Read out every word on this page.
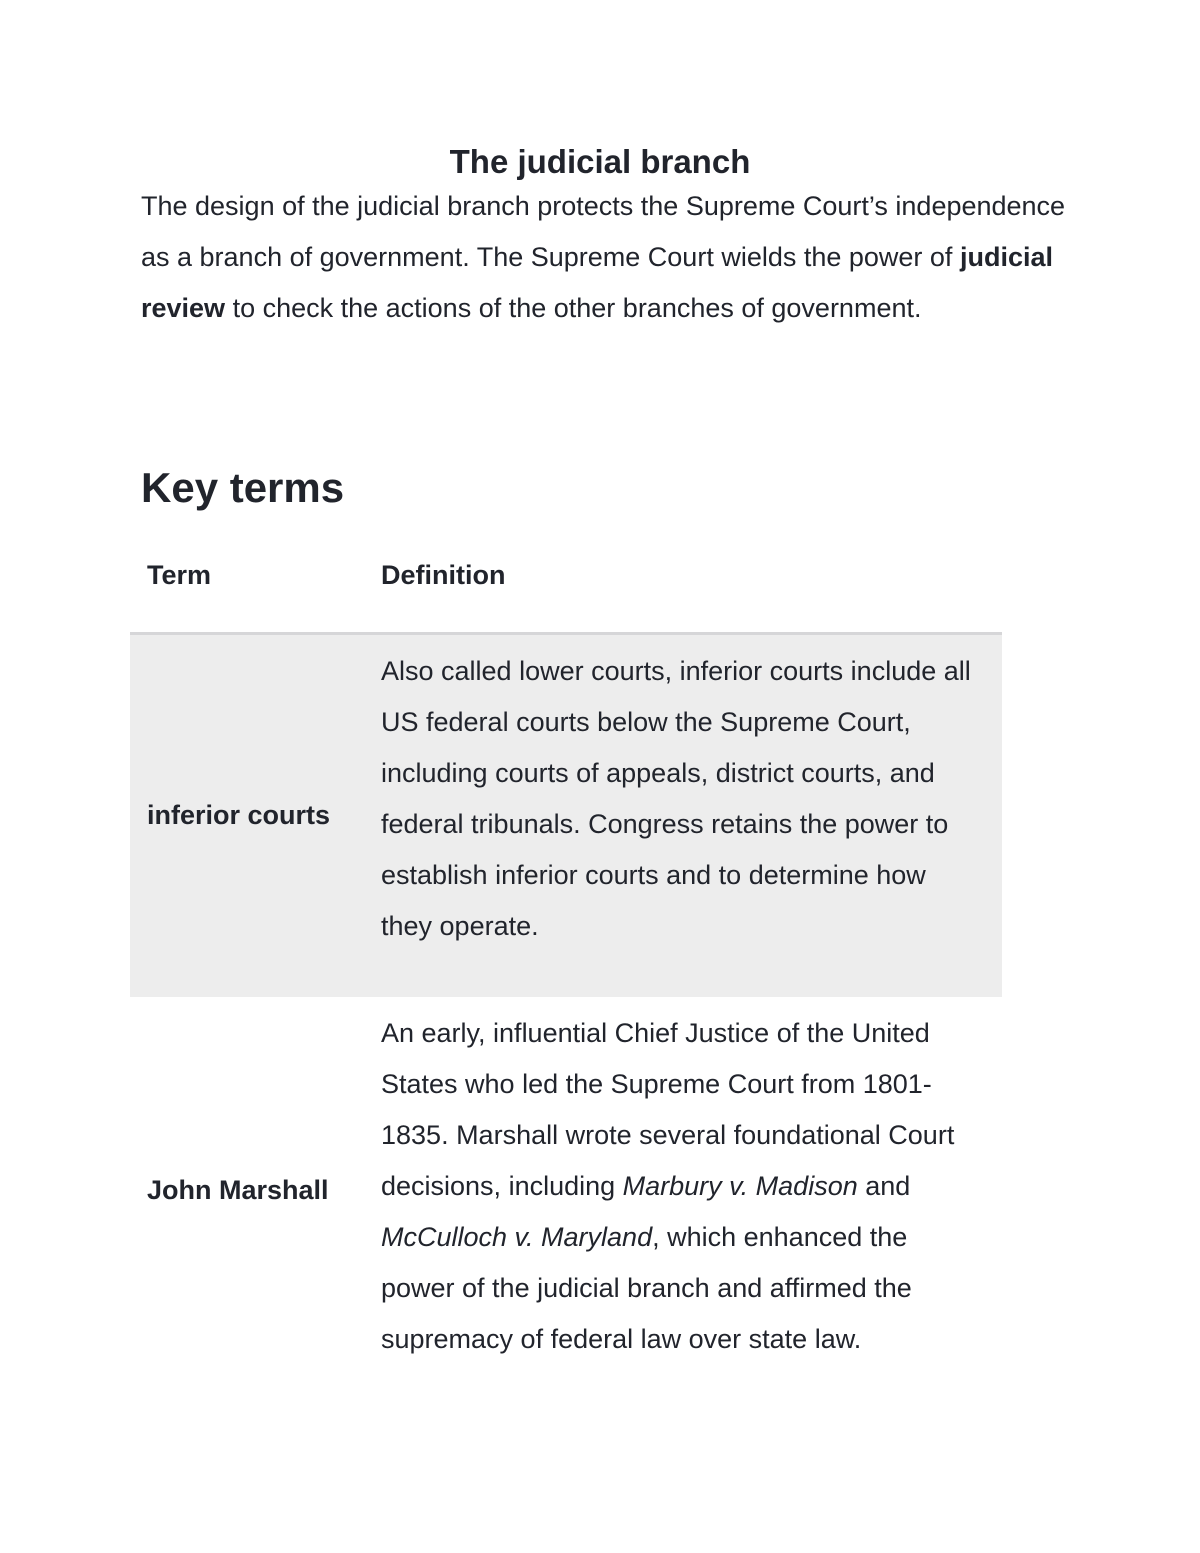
The judicial branch

The design of the judicial branch protects the Supreme Court’s independence as a branch of government. The Supreme Court wields the power of judicial review to check the actions of the other branches of government.

Key terms
Term	Definition
inferior courts	Also called lower courts, inferior courts include all US federal courts below the Supreme Court, including courts of appeals, district courts, and federal tribunals. Congress retains the power to establish inferior courts and to determine how they operate.
John Marshall	An early, influential Chief Justice of the United States who led the Supreme Court from 1801-1835. Marshall wrote several foundational Court decisions, including Marbury v. Madison and McCulloch v. Maryland, which enhanced the power of the judicial branch and affirmed the supremacy of federal law over state law.
